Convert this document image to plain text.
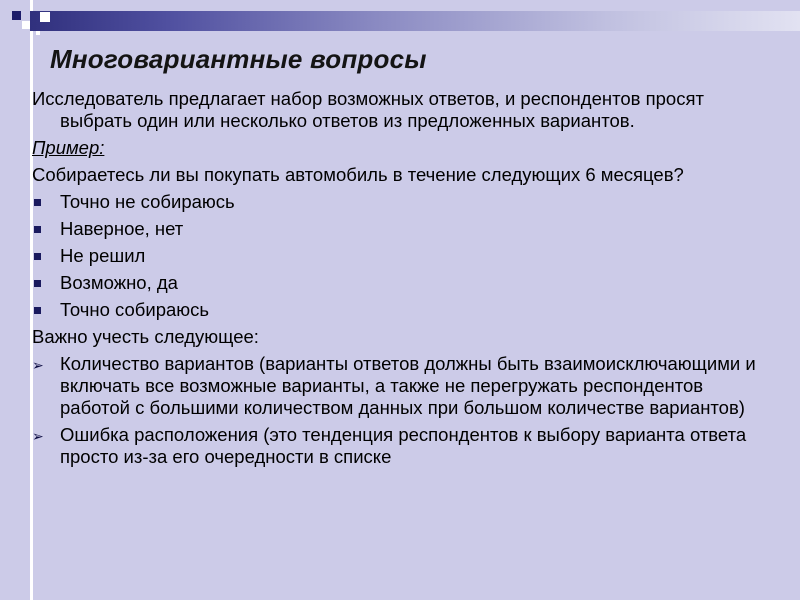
Многовариантные вопросы
Исследователь предлагает набор возможных ответов, и респондентов просят выбрать один или несколько ответов из предложенных вариантов.
Пример:
Собираетесь ли вы покупать автомобиль в течение следующих 6 месяцев?
Точно не собираюсь
Наверное, нет
Не решил
Возможно, да
Точно собираюсь
Важно учесть следующее:
➢ Количество вариантов (варианты ответов должны быть взаимоисключающими и включать все возможные варианты, а также не перегружать респондентов работой с большими количеством данных при большом количестве вариантов)
➢ Ошибка расположения (это тенденция респондентов к выбору варианта ответа просто из-за его очередности в списке
